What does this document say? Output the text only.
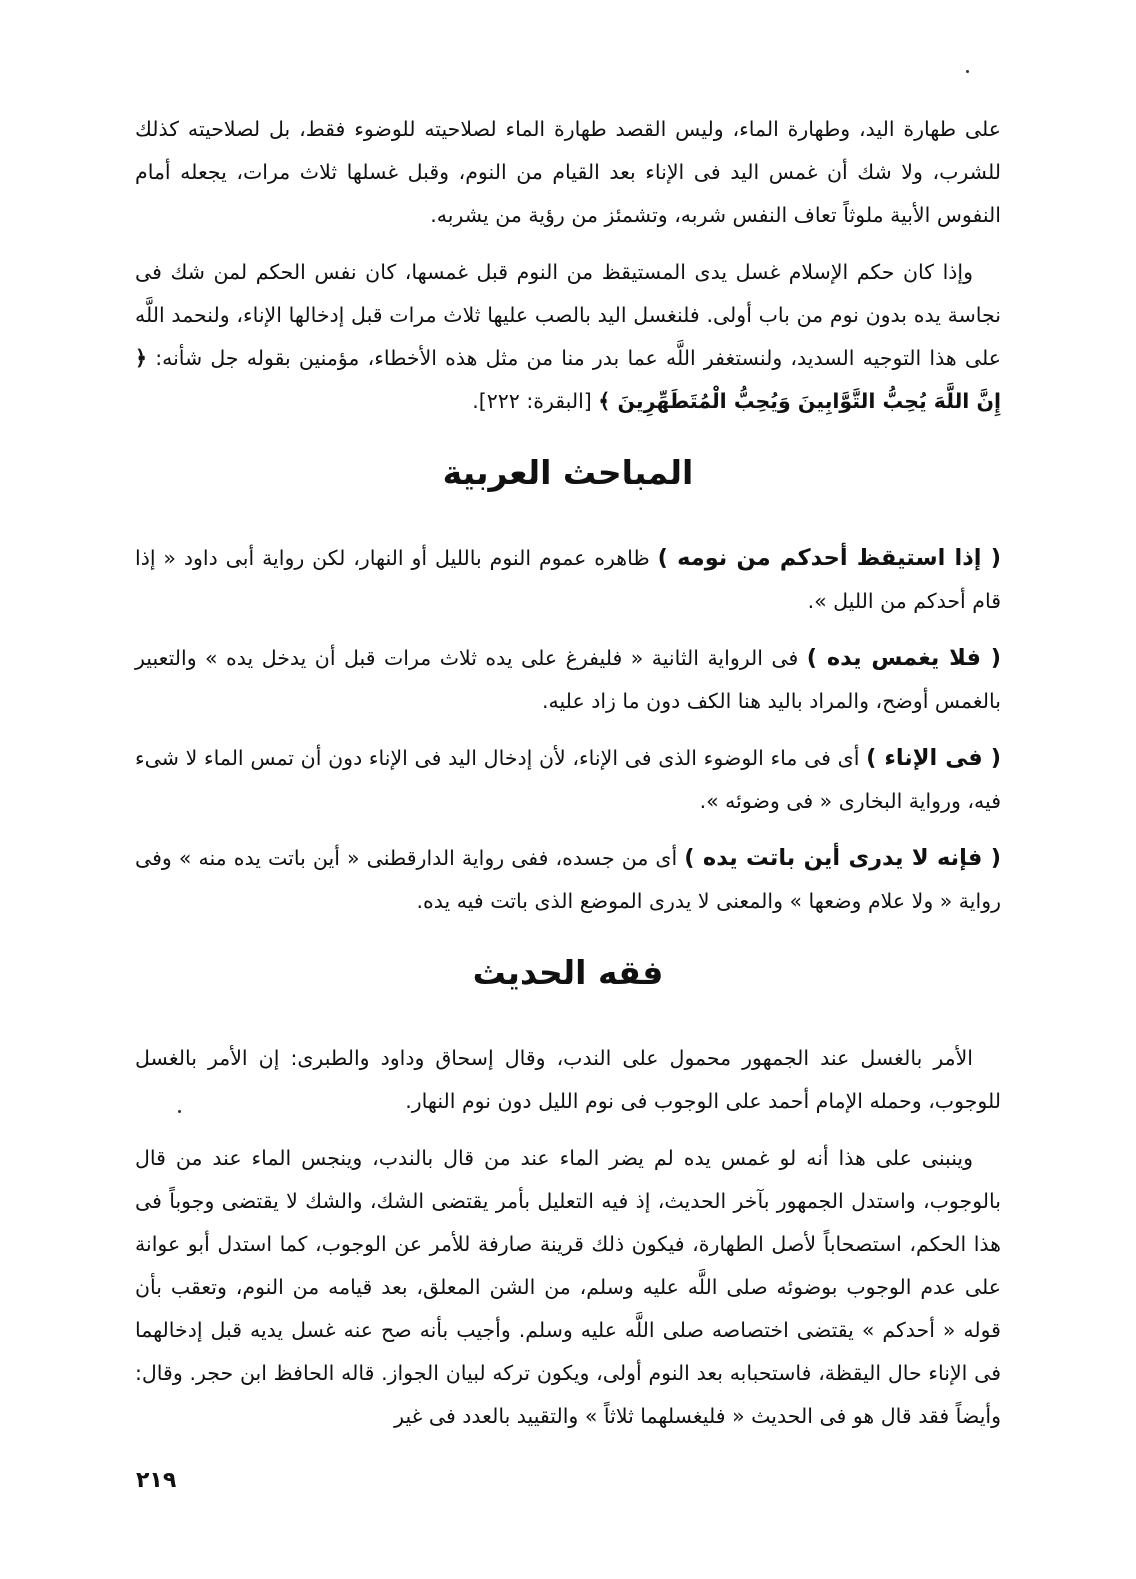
على طهارة اليد، وطهارة الماء، وليس القصد طهارة الماء لصلاحيته للوضوء فقط، بل لصلاحيته كذلك للشرب، ولا شك أن غمس اليد فى الإناء بعد القيام من النوم، وقبل غسلها ثلاث مرات، يجعله أمام النفوس الأبية ملوثاً تعاف النفس شربه، وتشمئز من رؤية من يشربه.

وإذا كان حكم الإسلام غسل يدى المستيقظ من النوم قبل غمسها، كان نفس الحكم لمن شك فى نجاسة يده بدون نوم من باب أولى. فلنغسل اليد بالصب عليها ثلاث مرات قبل إدخالها الإناء، ولنحمد اللَّه على هذا التوجيه السديد، ولنستغفر اللَّه عما بدر منا من مثل هذه الأخطاء، مؤمنين بقوله جل شأنه: ﴿ إِنَّ اللَّهَ يُحِبُّ التَّوَّابِينَ وَيُحِبُّ الْمُتَطَهِّرِينَ ﴾ [البقرة: ٢٢٢].

المباحث العربية

( إذا استيقظ أحدكم من نومه ) ظاهره عموم النوم بالليل أو النهار، لكن رواية أبى داود « إذا قام أحدكم من الليل ».

( فلا يغمس يده ) فى الرواية الثانية « فليفرغ على يده ثلاث مرات قبل أن يدخل يده » والتعبير بالغمس أوضح، والمراد باليد هنا الكف دون ما زاد عليه.

( فى الإناء ) أى فى ماء الوضوء الذى فى الإناء، لأن إدخال اليد فى الإناء دون أن تمس الماء لا شىء فيه، ورواية البخارى « فى وضوئه ».

( فإنه لا يدرى أين باتت يده ) أى من جسده، ففى رواية الدارقطنى « أين باتت يده منه » وفى رواية « ولا علام وضعها » والمعنى لا يدرى الموضع الذى باتت فيه يده.

فقه الحديث

الأمر بالغسل عند الجمهور محمول على الندب، وقال إسحاق وداود والطبرى: إن الأمر بالغسل للوجوب، وحمله الإمام أحمد على الوجوب فى نوم الليل دون نوم النهار.

وينبنى على هذا أنه لو غمس يده لم يضر الماء عند من قال بالندب، وينجس الماء عند من قال بالوجوب، واستدل الجمهور بآخر الحديث، إذ فيه التعليل بأمر يقتضى الشك، والشك لا يقتضى وجوباً فى هذا الحكم، استصحاباً لأصل الطهارة، فيكون ذلك قرينة صارفة للأمر عن الوجوب، كما استدل أبو عوانة على عدم الوجوب بوضوئه صلى اللَّه عليه وسلم، من الشن المعلق، بعد قيامه من النوم، وتعقب بأن قوله « أحدكم » يقتضى اختصاصه صلى اللَّه عليه وسلم. وأجيب بأنه صح عنه غسل يديه قبل إدخالهما فى الإناء حال اليقظة، فاستحبابه بعد النوم أولى، ويكون تركه لبيان الجواز. قاله الحافظ ابن حجر. وقال: وأيضاً فقد قال هو فى الحديث « فليغسلهما ثلاثاً » والتقييد بالعدد فى غير

٢١٩
